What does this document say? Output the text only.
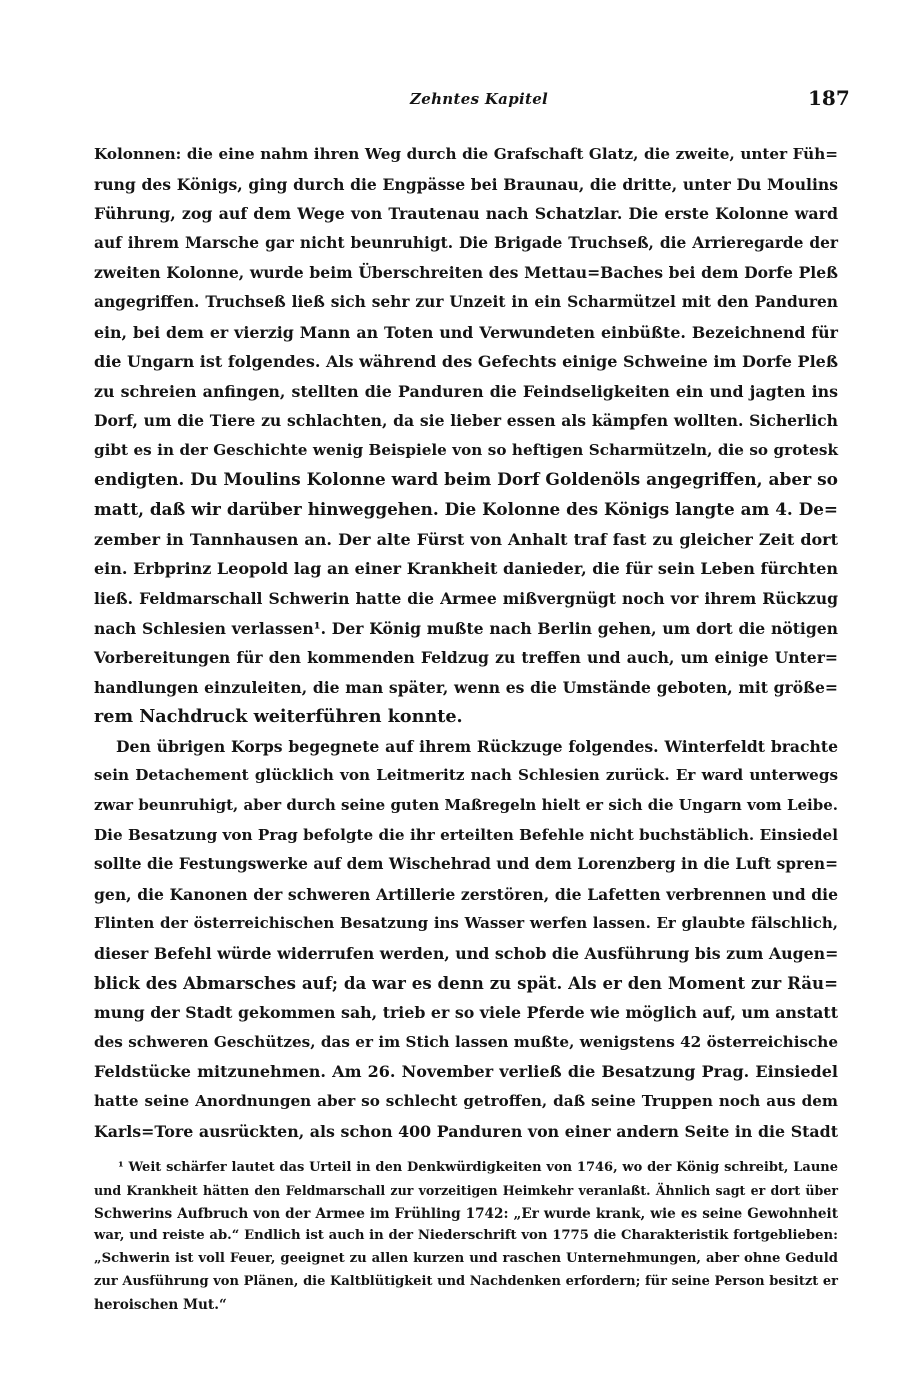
Zehntes Kapitel	187
Kolonnen: die eine nahm ihren Weg durch die Grafschaft Glatz, die zweite, unter Füh=
rung des Königs, ging durch die Engpässe bei Braunau, die dritte, unter Du Moulins
Führung, zog auf dem Wege von Trautenau nach Schatzlar. Die erste Kolonne ward
auf ihrem Marsche gar nicht beunruhigt. Die Brigade Truchseß, die Arrieregarde der
zweiten Kolonne, wurde beim Überschreiten des Mettau=Baches bei dem Dorfe Pleß
angegriffen. Truchseß ließ sich sehr zur Unzeit in ein Scharmützel mit den Panduren
ein, bei dem er vierzig Mann an Toten und Verwundeten einbüßte. Bezeichnend für
die Ungarn ist folgendes. Als während des Gefechts einige Schweine im Dorfe Pleß
zu schreien anfingen, stellten die Panduren die Feindseligkeiten ein und jagten ins
Dorf, um die Tiere zu schlachten, da sie lieber essen als kämpfen wollten. Sicherlich
gibt es in der Geschichte wenig Beispiele von so heftigen Scharmützeln, die so grotesk
endigten. Du Moulins Kolonne ward beim Dorf Goldenöls angegriffen, aber so
matt, daß wir darüber hinweggehen. Die Kolonne des Königs langte am 4. De=
zember in Tannhausen an. Der alte Fürst von Anhalt traf fast zu gleicher Zeit dort
ein. Erbprinz Leopold lag an einer Krankheit danieder, die für sein Leben fürchten
ließ. Feldmarschall Schwerin hatte die Armee mißvergnügt noch vor ihrem Rückzug
nach Schlesien verlassen¹. Der König mußte nach Berlin gehen, um dort die nötigen
Vorbereitungen für den kommenden Feldzug zu treffen und auch, um einige Unter=
handlungen einzuleiten, die man später, wenn es die Umstände geboten, mit größe=
rem Nachdruck weiterführen konnte.
Den übrigen Korps begegnete auf ihrem Rückzuge folgendes. Winterfeldt brachte
sein Detachement glücklich von Leitmeritz nach Schlesien zurück. Er ward unterwegs
zwar beunruhigt, aber durch seine guten Maßregeln hielt er sich die Ungarn vom Leibe.
Die Besatzung von Prag befolgte die ihr erteilten Befehle nicht buchstäblich. Einsiedel
sollte die Festungswerke auf dem Wischehrad und dem Lorenzberg in die Luft spren=
gen, die Kanonen der schweren Artillerie zerstören, die Lafetten verbrennen und die
Flinten der österreichischen Besatzung ins Wasser werfen lassen. Er glaubte fälschlich,
dieser Befehl würde widerrufen werden, und schob die Ausführung bis zum Augen=
blick des Abmarsches auf; da war es denn zu spät. Als er den Moment zur Räu=
mung der Stadt gekommen sah, trieb er so viele Pferde wie möglich auf, um anstatt
des schweren Geschützes, das er im Stich lassen mußte, wenigstens 42 österreichische
Feldstücke mitzunehmen. Am 26. November verließ die Besatzung Prag. Einsiedel
hatte seine Anordnungen aber so schlecht getroffen, daß seine Truppen noch aus dem
Karls=Tore ausrückten, als schon 400 Panduren von einer andern Seite in die Stadt
¹ Weit schärfer lautet das Urteil in den Denkwürdigkeiten von 1746, wo der König schreibt, Laune
und Krankheit hätten den Feldmarschall zur vorzeitigen Heimkehr veranlaßt. Ähnlich sagt er dort über
Schwerins Aufbruch von der Armee im Frühling 1742: „Er wurde krank, wie es seine Gewohnheit
war, und reiste ab.“ Endlich ist auch in der Niederschrift von 1775 die Charakteristik fortgeblieben:
„Schwerin ist voll Feuer, geeignet zu allen kurzen und raschen Unternehmungen, aber ohne Geduld
zur Ausführung von Plänen, die Kaltblütigkeit und Nachdenken erfordern; für seine Person besitzt er
heroischen Mut.“
